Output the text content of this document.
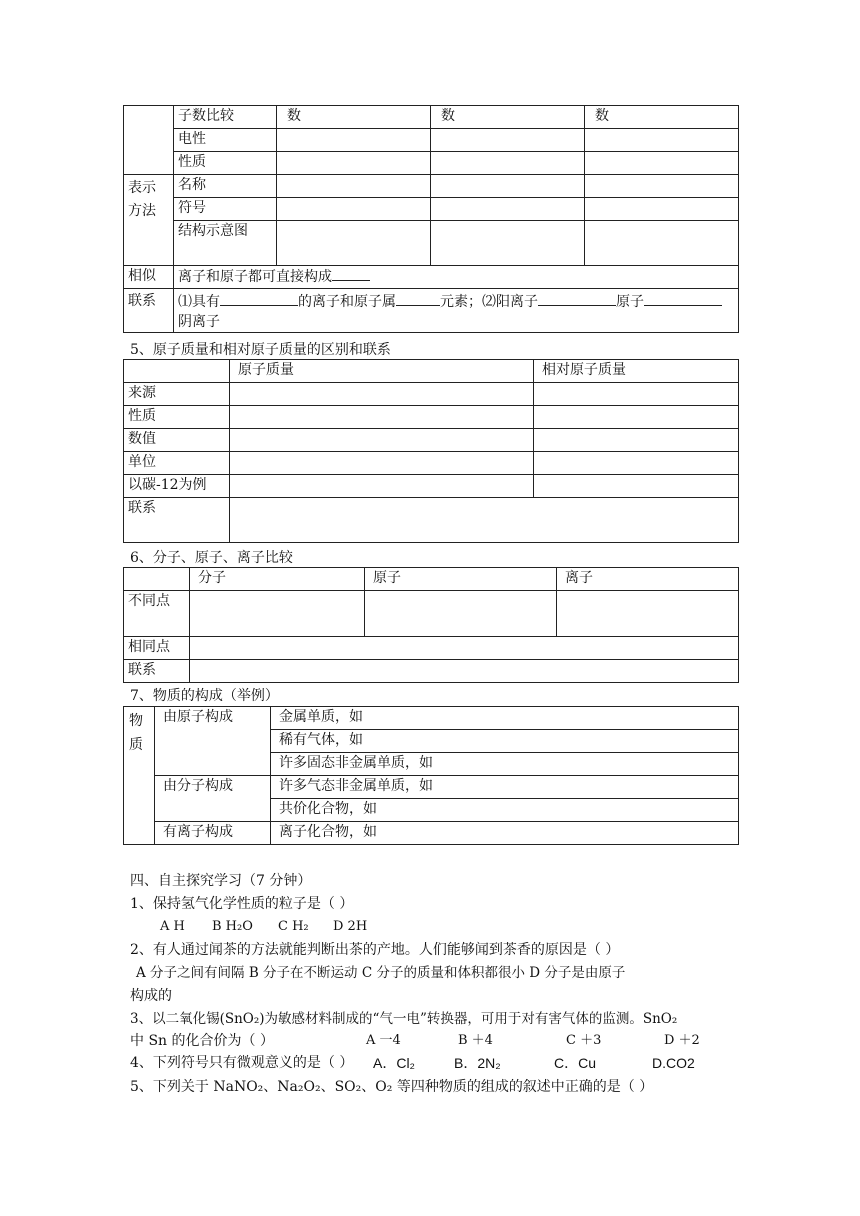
	子数比较	数	数	数
	电性			
	性质			
表示方法	名称			
	符号			
	结构示意图			
相似	离子和原子都可直接构成			
联系	⑴具有 的离子和原子属 元素；⑵阳离子 原子
阴离子			
5、原子质量和相对原子质量的区别和联系
	原子质量	相对原子质量
来源		
性质		
数值		
单位		
以碳-12为例		
联系		
6、分子、原子、离子比较
	分子	原子	离子
不同点			
相同点			
联系			
7、物质的构成（举例）
物质	由原子构成	金属单质，如
		稀有气体，如
		许多固态非金属单质，如
	由分子构成	许多气态非金属单质，如
		共价化合物，如
	有离子构成	离子化合物，如
四、自主探究学习（7 分钟）
1、保持氢气化学性质的粒子是（ ）
A H B H₂O C H₂ D 2H
2、有人通过闻茶的方法就能判断出茶的产地。人们能够闻到茶香的原因是（ ）
A 分子之间有间隔 B 分子在不断运动 C 分子的质量和体积都很小 D 分子是由原子
构成的
3、以二氧化锡(SnO₂)为敏感材料制成的“气一电”转换器，可用于对有害气体的监测。SnO₂
中 Sn 的化合价为（ ）	A 一4	B ＋4	C ＋3	D ＋2
4、下列符号只有微观意义的是（ ） A．Cl₂	B．2N₂	C．Cu	D.CO2
5、下列关于 NaNO₂、Na₂O₂、SO₂、O₂ 等四种物质的组成的叙述中正确的是（ ）
